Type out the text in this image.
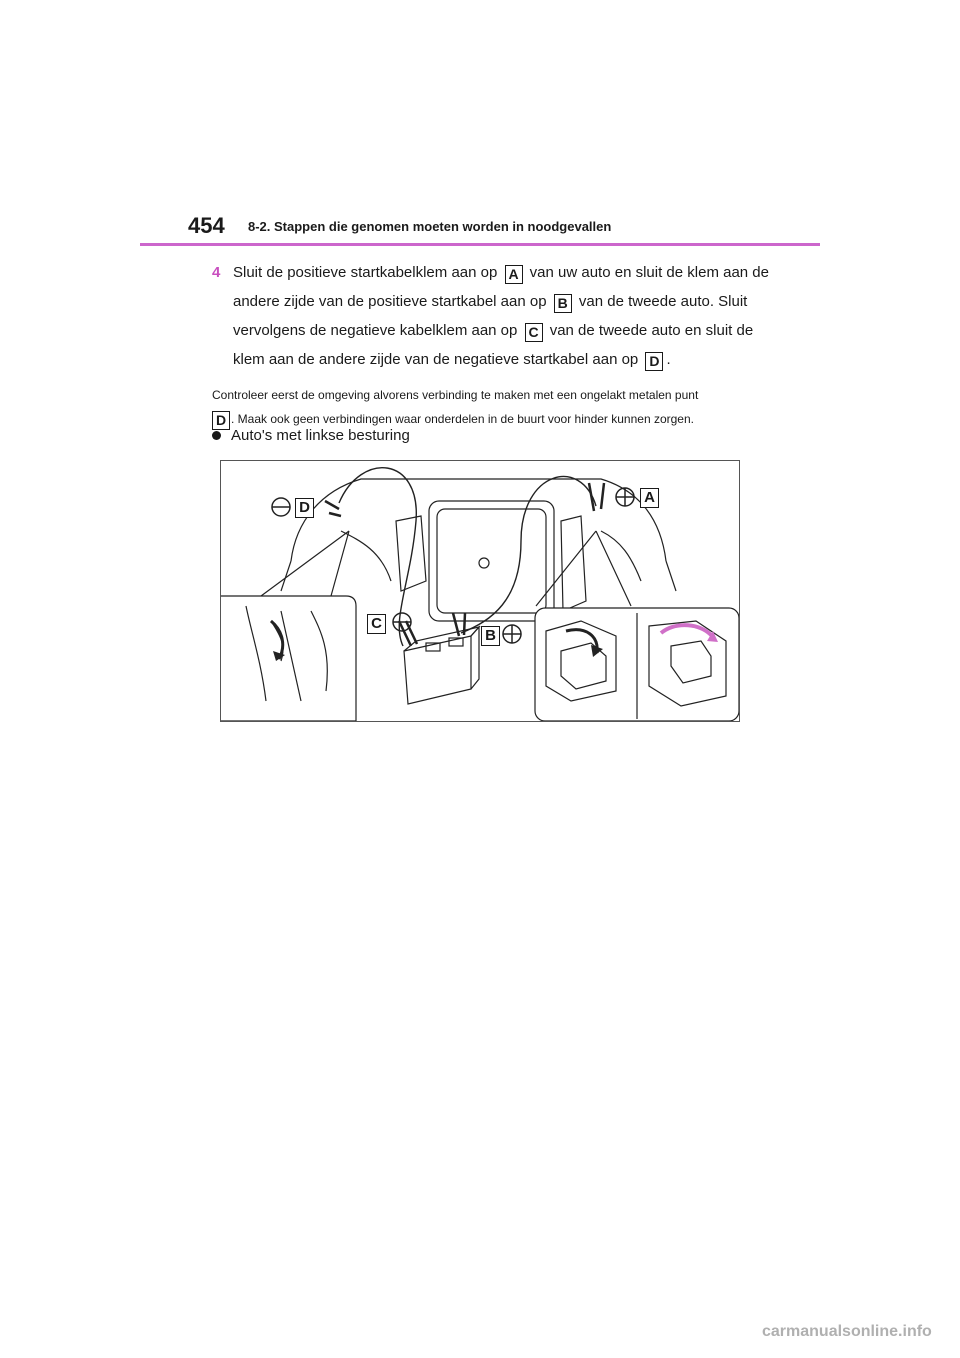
454 8-2. Stappen die genomen moeten worden in noodgevallen
4 Sluit de positieve startkabelklem aan op A van uw auto en sluit de klem aan de
andere zijde van de positieve startkabel aan op B van de tweede auto. Sluit
vervolgens de negatieve kabelklem aan op C van de tweede auto en sluit de
klem aan de andere zijde van de negatieve startkabel aan op D .
Controleer eerst de omgeving alvorens verbinding te maken met een ongelakt metalen punt
D . Maak ook geen verbindingen waar onderdelen in de buurt voor hinder kunnen zorgen.
Auto's met linkse besturing
D
A
C
B
carmanualsonline.info
